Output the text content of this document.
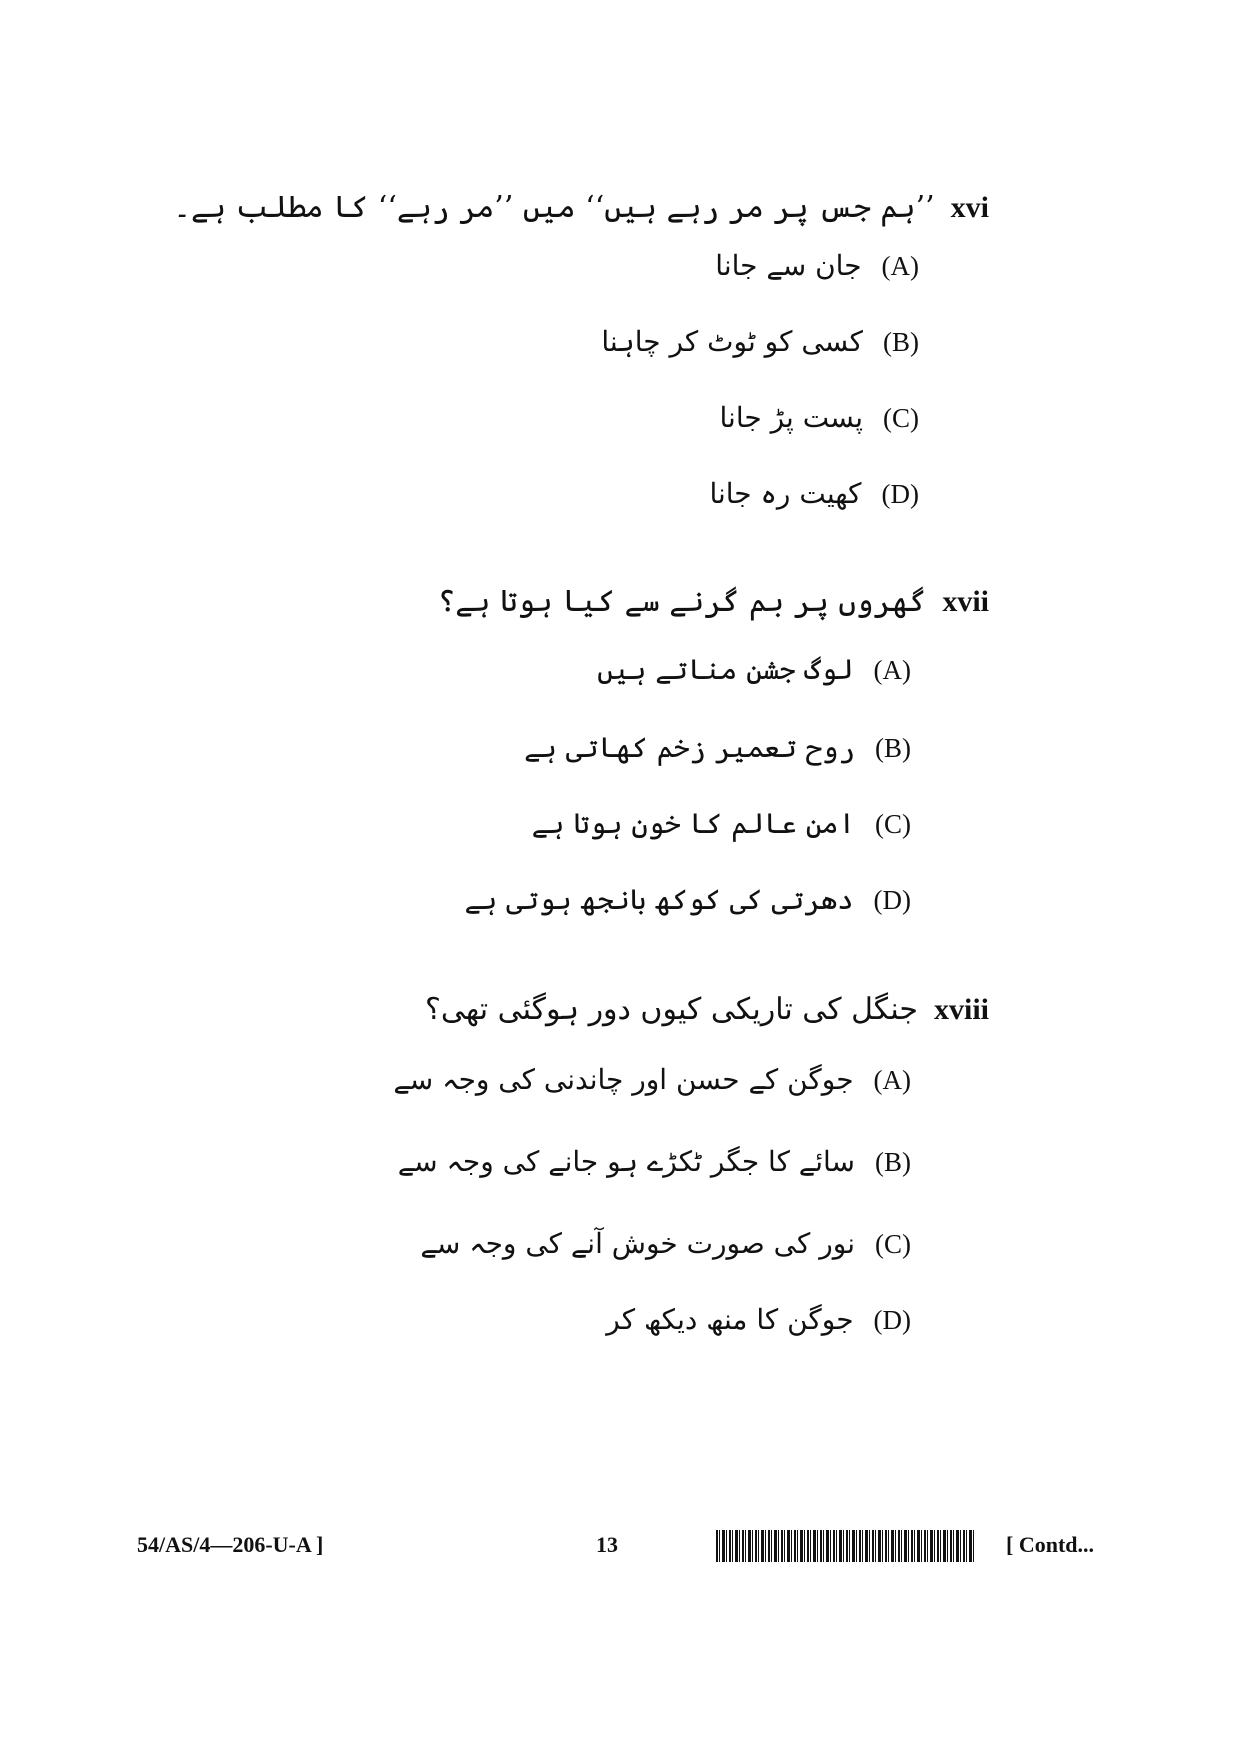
xvi’’ہم جس پر مر رہے ہیں‘‘ میں ’’مر رہے‘‘ کا مطلب ہے۔
(A)جان سے جانا
(B)کسی کو ٹوٹ کر چاہنا
(C)پست پڑ جانا
(D)کھیت رہ جانا
xviiگھروں پر بم گرنے سے کیا ہوتا ہے؟
(A)لوگ جشن مناتے ہیں
(B)روح تعمیر زخم کھاتی ہے
(C)امن عالم کا خون ہوتا ہے
(D)دھرتی کی کوکھ بانجھ ہوتی ہے
xviiiجنگل کی تاریکی کیوں دور ہوگئی تھی؟
(A)جوگن کے حسن اور چاندنی کی وجہ سے
(B)سائے کا جگر ٹکڑے ہو جانے کی وجہ سے
(C)نور کی صورت خوش آنے کی وجہ سے
(D)جوگن کا منھ دیکھ کر
54/AS/4—206-U-A ]	13	[ Contd...
